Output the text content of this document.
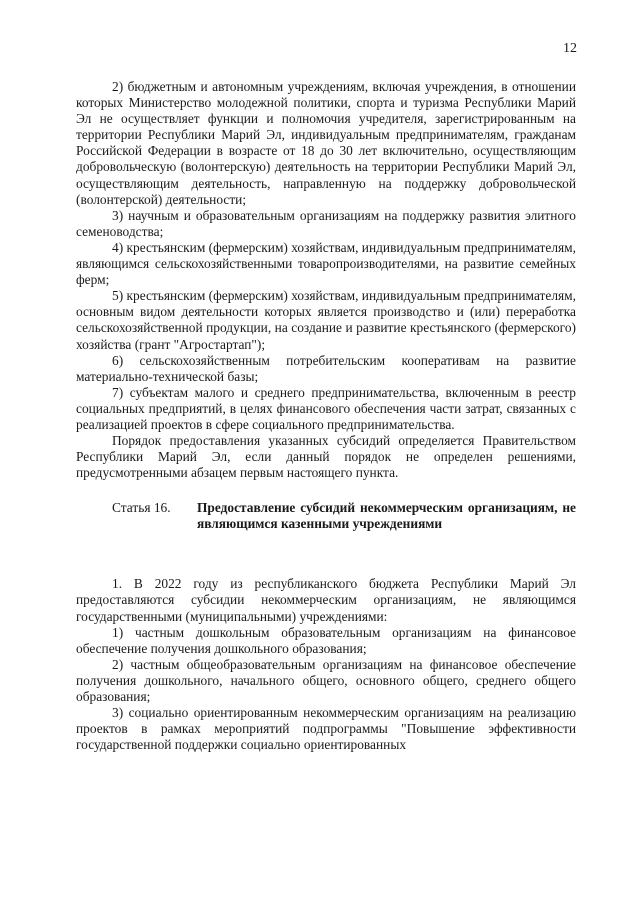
12

2) бюджетным и автономным учреждениям, включая учреждения, в отношении которых Министерство молодежной политики, спорта и туризма Республики Марий Эл не осуществляет функции и полномочия учредителя, зарегистрированным на территории Республики Марий Эл, индивидуальным предпринимателям, гражданам Российской Федерации в возрасте от 18 до 30 лет включительно, осуществляющим добровольческую (волонтерскую) деятельность на территории Республики Марий Эл, осуществляющим деятельность, направленную на поддержку добровольческой (волонтерской) деятельности;

3) научным и образовательным организациям на поддержку развития элитного семеноводства;

4) крестьянским (фермерским) хозяйствам, индивидуальным предпринимателям, являющимся сельскохозяйственными товаропроизводителями, на развитие семейных ферм;

5) крестьянским (фермерским) хозяйствам, индивидуальным предпринимателям, основным видом деятельности которых является производство и (или) переработка сельскохозяйственной продукции, на создание и развитие крестьянского (фермерского) хозяйства (грант "Агростартап");

6) сельскохозяйственным потребительским кооперативам на развитие материально-технической базы;

7) субъектам малого и среднего предпринимательства, включенным в реестр социальных предприятий, в целях финансового обеспечения части затрат, связанных с реализацией проектов в сфере социального предпринимательства.

Порядок предоставления указанных субсидий определяется Правительством Республики Марий Эл, если данный порядок не определен решениями, предусмотренными абзацем первым настоящего пункта.

Статья 16. Предоставление субсидий некоммерческим организациям, не являющимся казенными учреждениями

1. В 2022 году из республиканского бюджета Республики Марий Эл предоставляются субсидии некоммерческим организациям, не являющимся государственными (муниципальными) учреждениями:

1) частным дошкольным образовательным организациям на финансовое обеспечение получения дошкольного образования;

2) частным общеобразовательным организациям на финансовое обеспечение получения дошкольного, начального общего, основного общего, среднего общего образования;

3) социально ориентированным некоммерческим организациям на реализацию проектов в рамках мероприятий подпрограммы "Повышение эффективности государственной поддержки социально ориентированных
